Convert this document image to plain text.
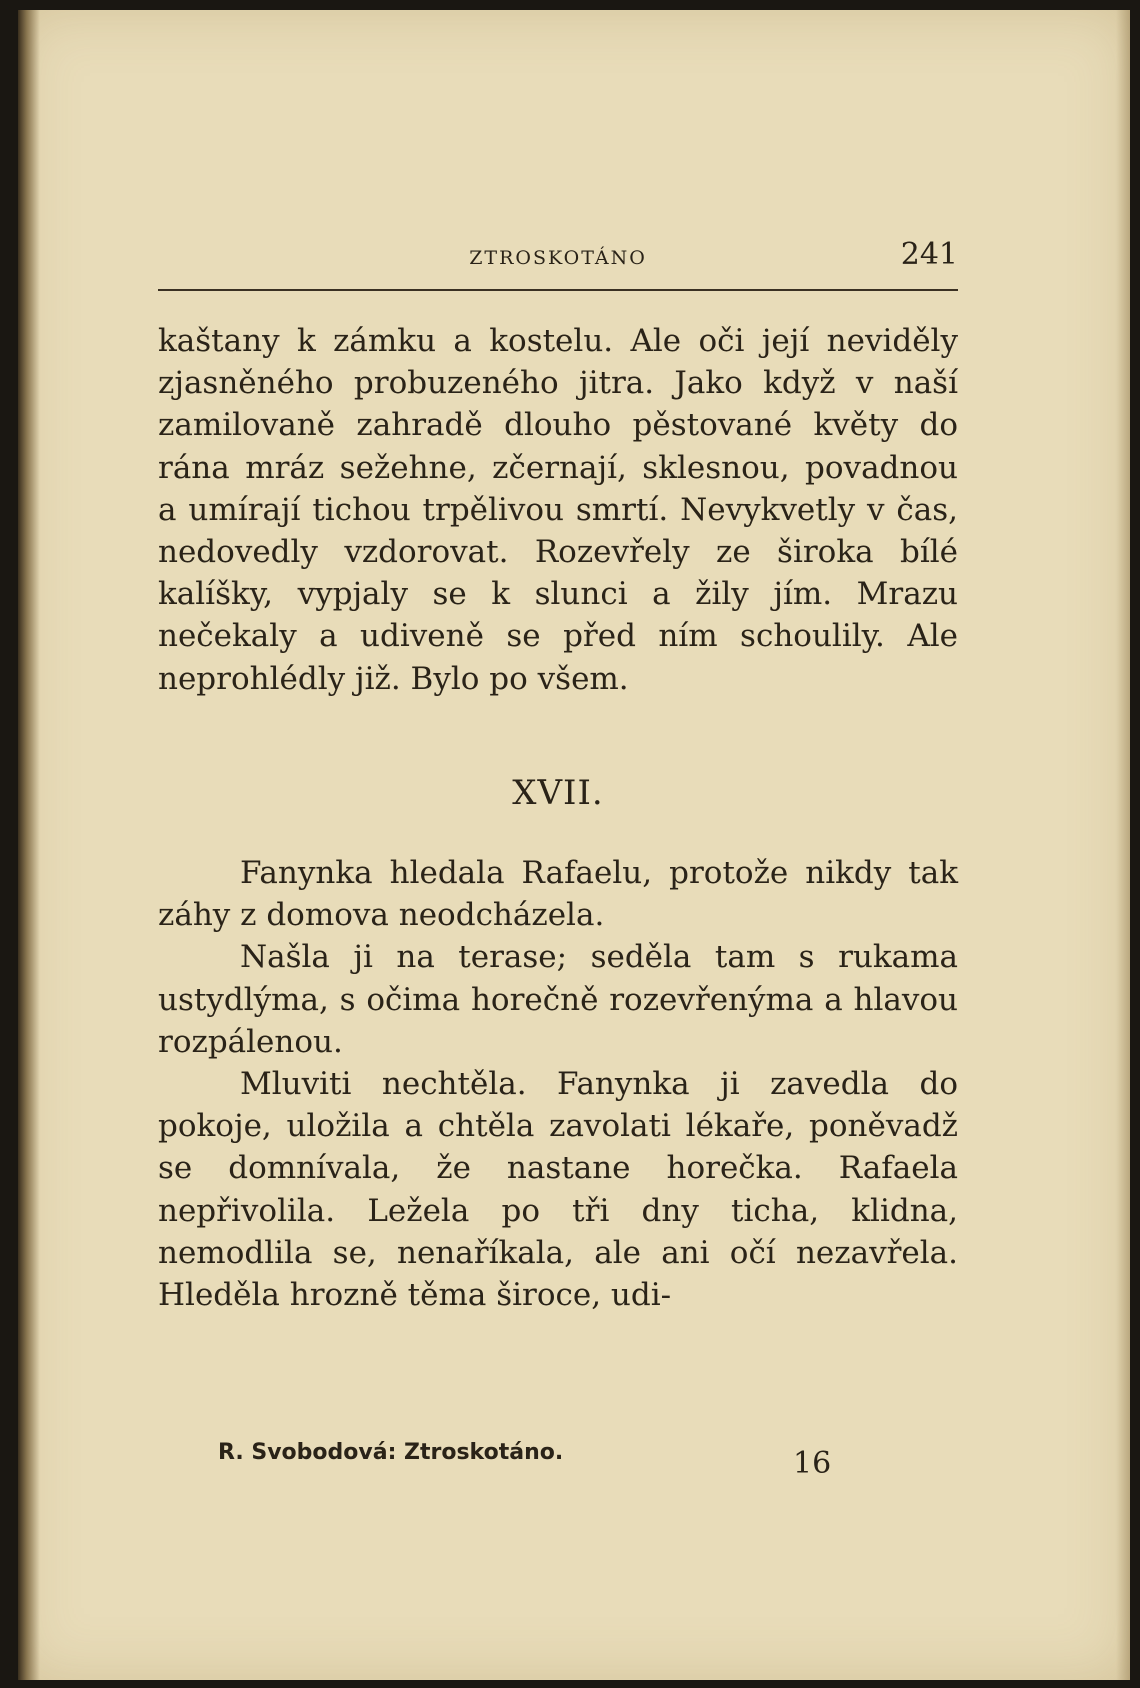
ZTROSKOTÁNO	241

kaštany k zámku a kostelu. Ale oči její neviděly zjasněného probuzeného jitra. Jako když v naší zamilovaně zahradě dlouho pěstované květy do rána mráz sežehne, zčernají, sklesnou, povadnou a umírají tichou trpělivou smrtí. Nevykvetly v čas, nedovedly vzdorovat. Rozevřely ze široka bílé kalíšky, vypjaly se k slunci a žily jím. Mrazu nečekaly a udiveně se před ním schoulily. Ale neprohlédly již. Bylo po všem.

XVII.

Fanynka hledala Rafaelu, protože nikdy tak záhy z domova neodcházela.

Našla ji na terase; seděla tam s rukama ustydlýma, s očima horečně rozevřenýma a hlavou rozpálenou.

Mluviti nechtěla. Fanynka ji zavedla do pokoje, uložila a chtěla zavolati lékaře, poněvadž se domnívala, že nastane horečka. Rafaela nepřivolila. Ležela po tři dny ticha, klidna, nemodlila se, nenaříkala, ale ani očí nezavřela. Hleděla hrozně těma široce, udi-

R. Svobodová: Ztroskotáno.	16
